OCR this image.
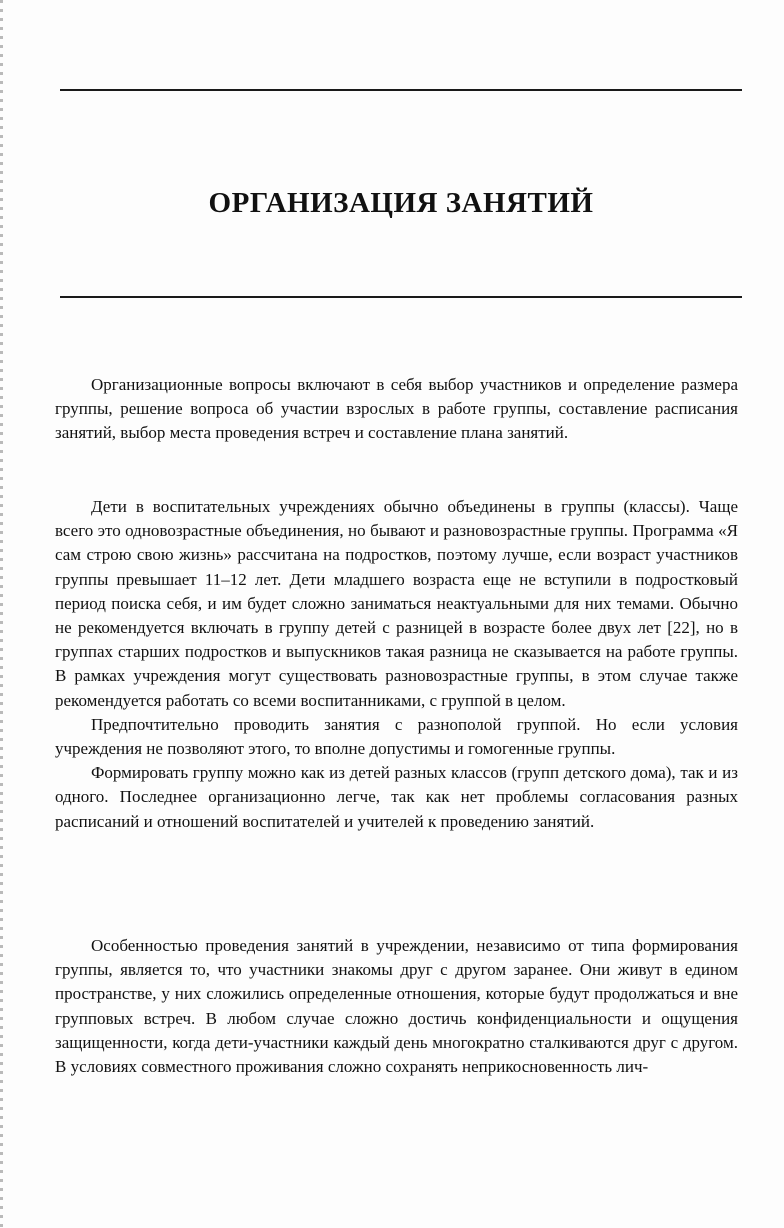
ОРГАНИЗАЦИЯ ЗАНЯТИЙ

Организационные вопросы включают в себя выбор участников и определение размера группы, решение вопроса об участии взрослых в работе группы, составление расписания занятий, выбор места проведения встреч и составление плана занятий.

Дети в воспитательных учреждениях обычно объединены в группы (классы). Чаще всего это одновозрастные объединения, но бывают и разновозрастные группы. Программа «Я сам строю свою жизнь» рассчитана на подростков, поэтому лучше, если возраст участников группы превышает 11–12 лет. Дети младшего возраста еще не вступили в подростковый период поиска себя, и им будет сложно заниматься неактуальными для них темами. Обычно не рекомендуется включать в группу детей с разницей в возрасте более двух лет [22], но в группах старших подростков и выпускников такая разница не сказывается на работе группы. В рамках учреждения могут существовать разновозрастные группы, в этом случае также рекомендуется работать со всеми воспитанниками, с группой в целом.

Предпочтительно проводить занятия с разнополой группой. Но если условия учреждения не позволяют этого, то вполне допустимы и гомогенные группы.

Формировать группу можно как из детей разных классов (групп детского дома), так и из одного. Последнее организационно легче, так как нет проблемы согласования разных расписаний и отношений воспитателей и учителей к проведению занятий.

Особенностью проведения занятий в учреждении, независимо от типа формирования группы, является то, что участники знакомы друг с другом заранее. Они живут в едином пространстве, у них сложились определенные отношения, которые будут продолжаться и вне групповых встреч. В любом случае сложно достичь конфиденциальности и ощущения защищенности, когда дети-участники каждый день многократно сталкиваются друг с другом. В условиях совместного проживания сложно сохранять неприкосновенность лич-
